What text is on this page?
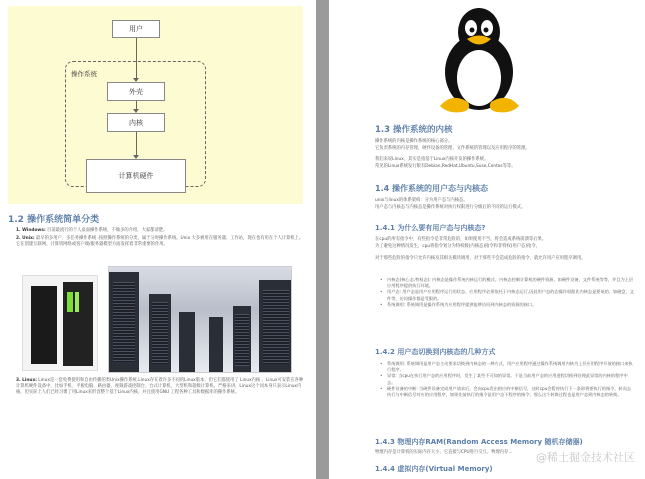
用户
操作系统
外壳
内核
计算机硬件
1.2 操作系统简单分类
1. Windows: 目前最流行的个人桌面操作系统，不做多的介绍，大家都清楚。
2. Unix: 最早的多用户、多任务操作系统 .按照操作系统的分类，属于分时操作系统。Unix 大多被用在服务器、工作站，现在也有用在个人计算机上。它在创建互联网、计算机网络或客户端/服务器模型方面发挥着非常重要的作用。
3. Linux: Linux是一套免费使用和自由传播的类Unix操作系统.Linux存在着许多不同的Linux版本，但它们都使用了 Linux内核 。Linux可安装在各种计算机硬件设备中，比如手机、平板电脑、路由器、视频游戏控制台、台式计算机、大型机和超级计算机。严格来讲，Linux这个词本身只表示Linux内核，但实际上人们已经习惯了用Linux来形容整个基于Linux内核，并且使用GNU 工程各种工具和数据库的操作系统。
1.3 操作系统的内核
操作系统的内核是操作系统的核心部分。
它负责系统的内存管理，硬件设备的管理，文件系统的管理以及应用程序的管理。
我们来说Linux，其实是指基于Linux内核开发的操作系统。
常见的Linux系统发行版有Debian,RedHat,Ubuntu,Suse,Centos等等。
1.4 操作系统的用户态与内核态
unix与linux的体系架构：分为用户态与内核态。
用户态与内核态与内核态是操作系统对执行权限进行分级后的不同的运行模式。
1.4.1 为什么要有用户态与内核态?
在cpu的所有指令中，有些指令是非常危险的，如果使用不当，将会造成系统崩溃等后果。
为了避免这种情况发生，cpu将指令划分为特权级(内核态)指令和非特权(用户态)指令。
对于那些危险的指令只允许内核及其相关模块调用，对于那些不会造成危险的指令，就允许用户应用程序调用。
• 内核态(核心态,特权态): 内核态是操作系统内核运行的模式。内核态控制计算机的硬件资源，如硬件设备，文件系统等等，并且为上层应用程序提供执行环境。
• 用户态: 用户态是用户应用程序运行的状态。应用程序必须依托于内核态运行,因此用户态的态操作权限比内核态是要低的，如磁盘，文件等，访问操作都是受限的。
• 系统调用: 系统调用是操作系统为应用程序提供能够访问到内核态的资源的接口。
1.4.2 用户态切换到内核态的几种方式
• 系统调用: 系统调用是用户态主动要求切换到内核态的一种方式，用户应用程序通过操作系统调用内核为上层应用程序开放的接口来执行程序。
• 异常: 当cpu在执行用户态的应用程序时，发生了某些不可知的异常。于是当前用户态的应用进程切换到处理此异常的内核的程序中去。
• 硬件设备的中断: 当硬件设备完成用户请求后，会向cpu发出相应的中断信号，这时cpu会暂停执行下一条即将要执行的指令，转而去执行与中断信号对应的应用程序，如果先前执行的指令是用户态下程序的指令，那么这个转换过程也是用户态到内核态的转换。
1.4.3 物理内存RAM(Random Access Memory 随机存储器)
物理内存是计算机的实际内存大小，它直接与CPU进行交互。物理内存...
1.4.4 虚拟内存(Virtual Memory)
@稀土掘金技术社区
